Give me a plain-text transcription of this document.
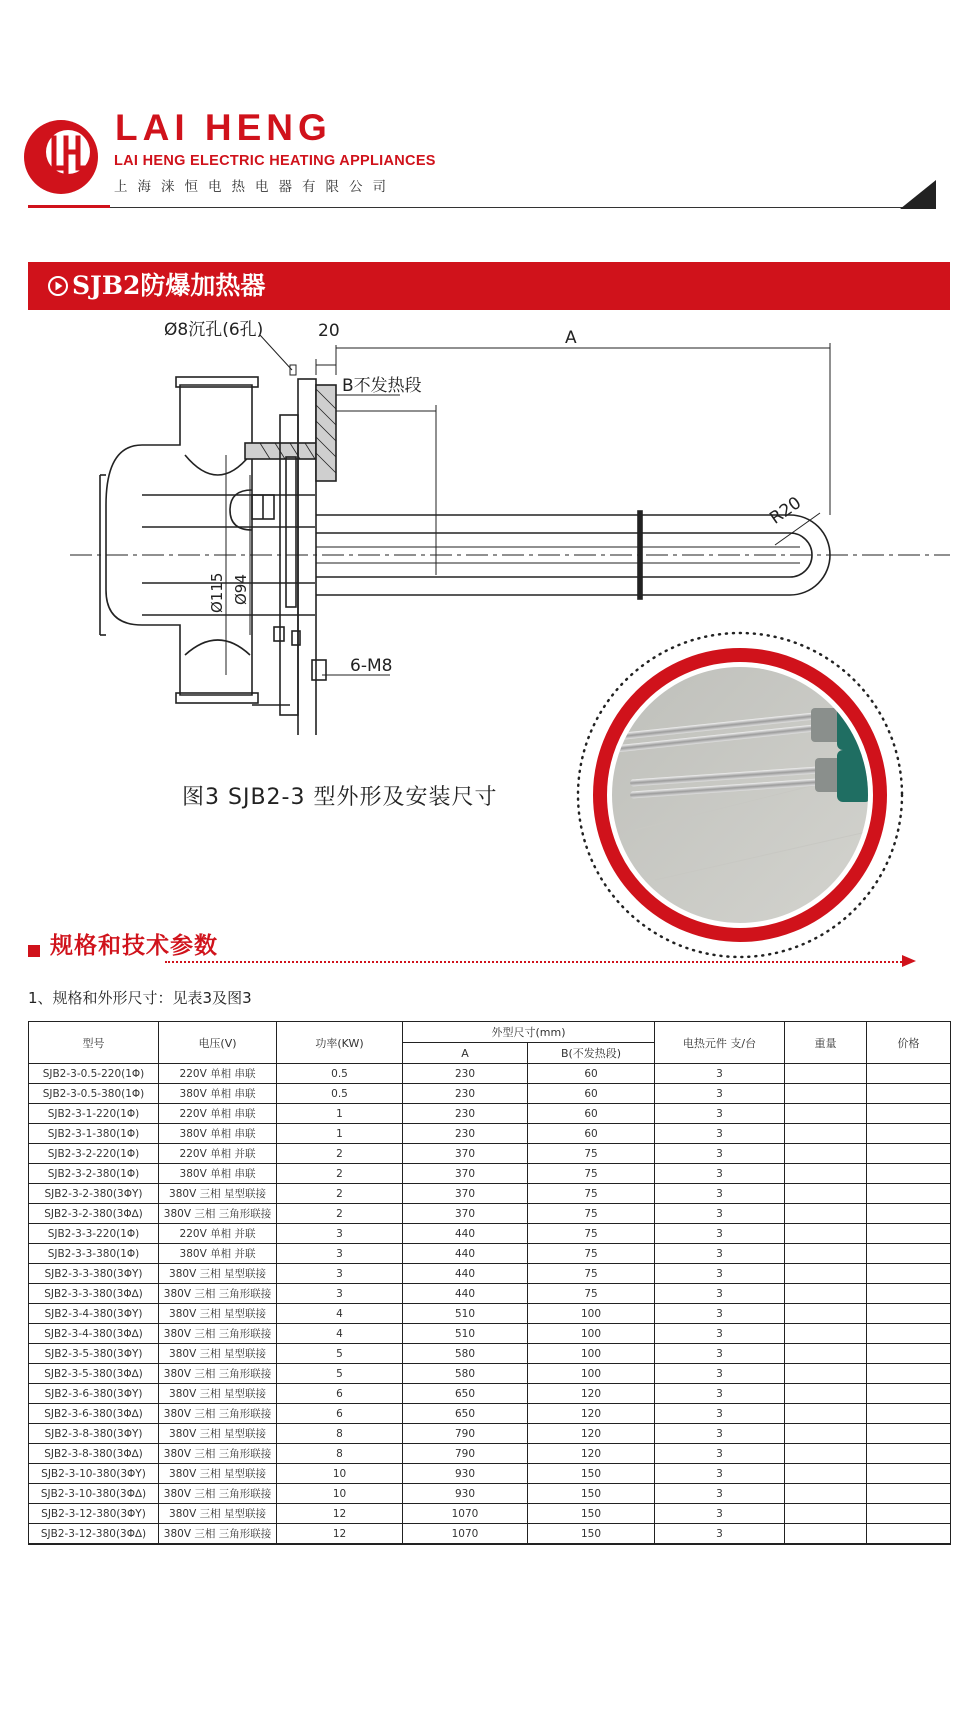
LAI HENG
LAI HENG ELECTRIC HEATING APPLIANCES
上海涞恒电热电器有限公司
SJB2防爆加热器
Ø8沉孔(6孔)	20	A
B不发热段
R20
Ø115 Ø94
6-M8
图3 SJB2-3 型外形及安装尺寸
规格和技术参数
1、规格和外形尺寸：见表3及图3
型号	电压(V)	功率(KW)	外型尺寸(mm)		电热元件 支/台	重量	价格
			A	B(不发热段)			
SJB2-3-0.5-220(1Φ)	220V 单相 串联	0.5	230	60	3		
SJB2-3-0.5-380(1Φ)	380V 单相 串联	0.5	230	60	3		
SJB2-3-1-220(1Φ)	220V 单相 串联	1	230	60	3		
SJB2-3-1-380(1Φ)	380V 单相 串联	1	230	60	3		
SJB2-3-2-220(1Φ)	220V 单相 并联	2	370	75	3		
SJB2-3-2-380(1Φ)	380V 单相 串联	2	370	75	3		
SJB2-3-2-380(3ΦY)	380V 三相 星型联接	2	370	75	3		
SJB2-3-2-380(3Φ∆)	380V 三相 三角形联接	2	370	75	3		
SJB2-3-3-220(1Φ)	220V 单相 并联	3	440	75	3		
SJB2-3-3-380(1Φ)	380V 单相 并联	3	440	75	3		
SJB2-3-3-380(3ΦY)	380V 三相 星型联接	3	440	75	3		
SJB2-3-3-380(3Φ∆)	380V 三相 三角形联接	3	440	75	3		
SJB2-3-4-380(3ΦY)	380V 三相 星型联接	4	510	100	3		
SJB2-3-4-380(3Φ∆)	380V 三相 三角形联接	4	510	100	3		
SJB2-3-5-380(3ΦY)	380V 三相 星型联接	5	580	100	3		
SJB2-3-5-380(3Φ∆)	380V 三相 三角形联接	5	580	100	3		
SJB2-3-6-380(3ΦY)	380V 三相 星型联接	6	650	120	3		
SJB2-3-6-380(3Φ∆)	380V 三相 三角形联接	6	650	120	3		
SJB2-3-8-380(3ΦY)	380V 三相 星型联接	8	790	120	3		
SJB2-3-8-380(3Φ∆)	380V 三相 三角形联接	8	790	120	3		
SJB2-3-10-380(3ΦY)	380V 三相 星型联接	10	930	150	3		
SJB2-3-10-380(3Φ∆)	380V 三相 三角形联接	10	930	150	3		
SJB2-3-12-380(3ΦY)	380V 三相 星型联接	12	1070	150	3		
SJB2-3-12-380(3Φ∆)	380V 三相 三角形联接	12	1070	150	3		
